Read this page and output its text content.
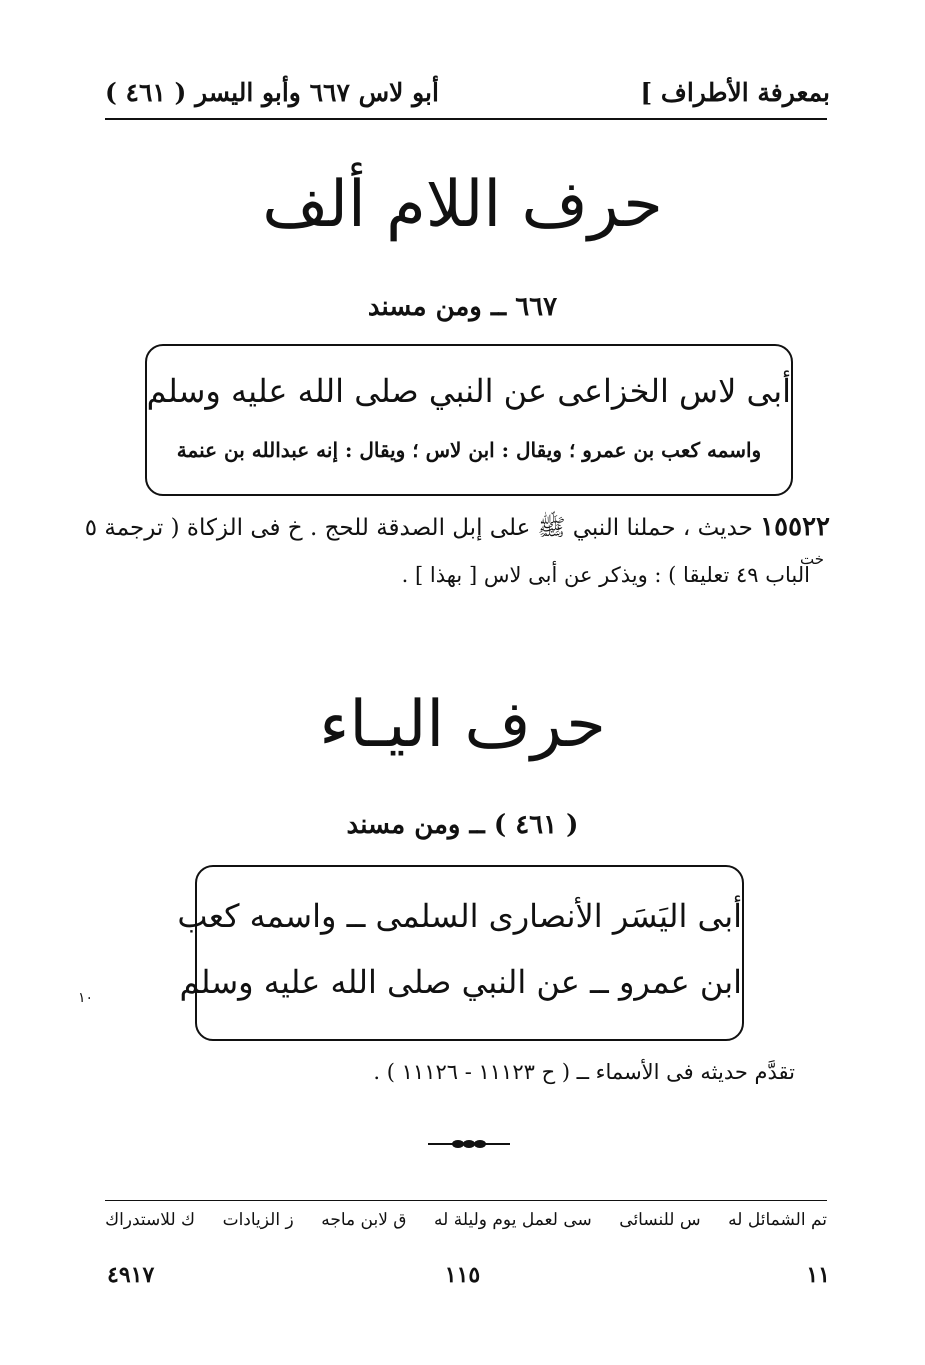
بمعرفة الأطراف ]
أبو لاس ٦٦٧ وأبو اليسر ( ٤٦١ )
حرف اللام ألف
٦٦٧ ــ ومن مسند
أبى لاس الخزاعى عن النبي صلى الله عليه وسلم
واسمه كعب بن عمرو ؛ ويقال : ابن لاس ؛ ويقال : إنه عبدالله بن عنمة
١٥٥٢٢ حديث ، حملنا النبي ﷺ على إبل الصدقة للحج . خ فى الزكاة ( ترجمة ٥
الباب ٤٩ تعليقا ) : ويذكر عن أبى لاس [ بهذا ] .
خت
حرف اليـاء
( ٤٦١ ) ــ ومن مسند
أبى اليَسَر الأنصارى السلمى ــ واسمه كعب
ابن عمرو ــ عن النبي صلى الله عليه وسلم
١٠
تقدَّم حديثه فى الأسماء ــ ( ح ١١١٢٣ - ١١١٢٦ ) .
تم الشمائل له
س للنسائى
سى لعمل يوم وليلة له
ق لابن ماجه
ز الزيادات
ك للاستدراك
٤٩١٧	١١٥	١١
